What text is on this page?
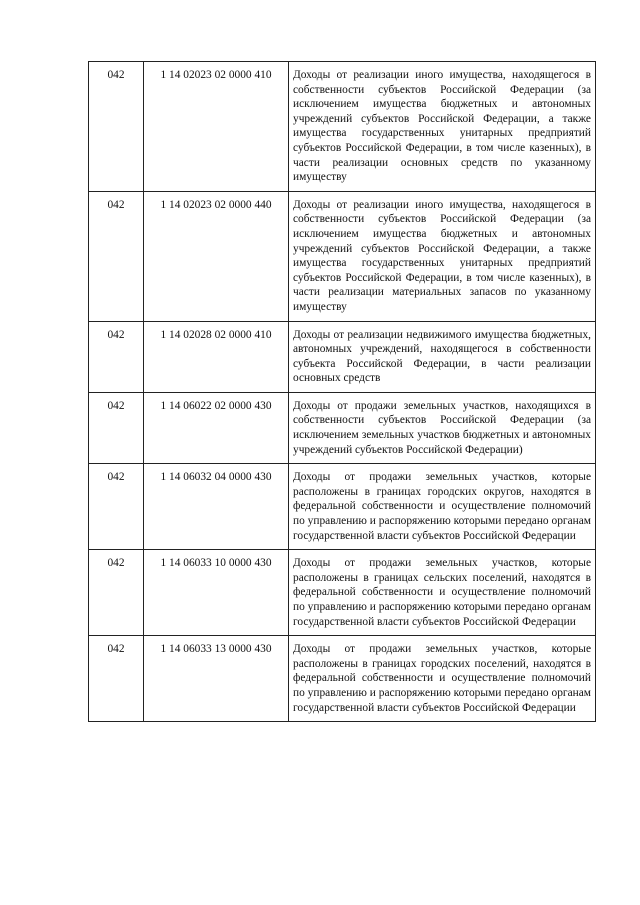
042	1 14 02023 02 0000 410	Доходы от реализации иного имущества, находящегося в собственности субъектов Российской Федерации (за исключением имущества бюджетных и автономных учреждений субъектов Российской Федерации, а также имущества государственных унитарных предприятий субъектов Российской Федерации, в том числе казенных), в части реализации основных средств по указанному имуществу
042	1 14 02023 02 0000 440	Доходы от реализации иного имущества, находящегося в собственности субъектов Российской Федерации (за исключением имущества бюджетных и автономных учреждений субъектов Российской Федерации, а также имущества государственных унитарных предприятий субъектов Российской Федерации, в том числе казенных), в части реализации материальных запасов по указанному имуществу
042	1 14 02028 02 0000 410	Доходы от реализации недвижимого имущества бюджетных, автономных учреждений, находящегося в собственности субъекта Российской Федерации, в части реализации основных средств
042	1 14 06022 02 0000 430	Доходы от продажи земельных участков, находящихся в собственности субъектов Российской Федерации (за исключением земельных участков бюджетных и автономных учреждений субъектов Российской Федерации)
042	1 14 06032 04 0000 430	Доходы от продажи земельных участков, которые расположены в границах городских округов, находятся в федеральной собственности и осуществление полномочий по управлению и распоряжению которыми передано органам государственной власти субъектов Российской Федерации
042	1 14 06033 10 0000 430	Доходы от продажи земельных участков, которые расположены в границах сельских поселений, находятся в федеральной собственности и осуществление полномочий по управлению и распоряжению которыми передано органам государственной власти субъектов Российской Федерации
042	1 14 06033 13 0000 430	Доходы от продажи земельных участков, которые расположены в границах городских поселений, находятся в федеральной собственности и осуществление полномочий по управлению и распоряжению которыми передано органам государственной власти субъектов Российской Федерации
